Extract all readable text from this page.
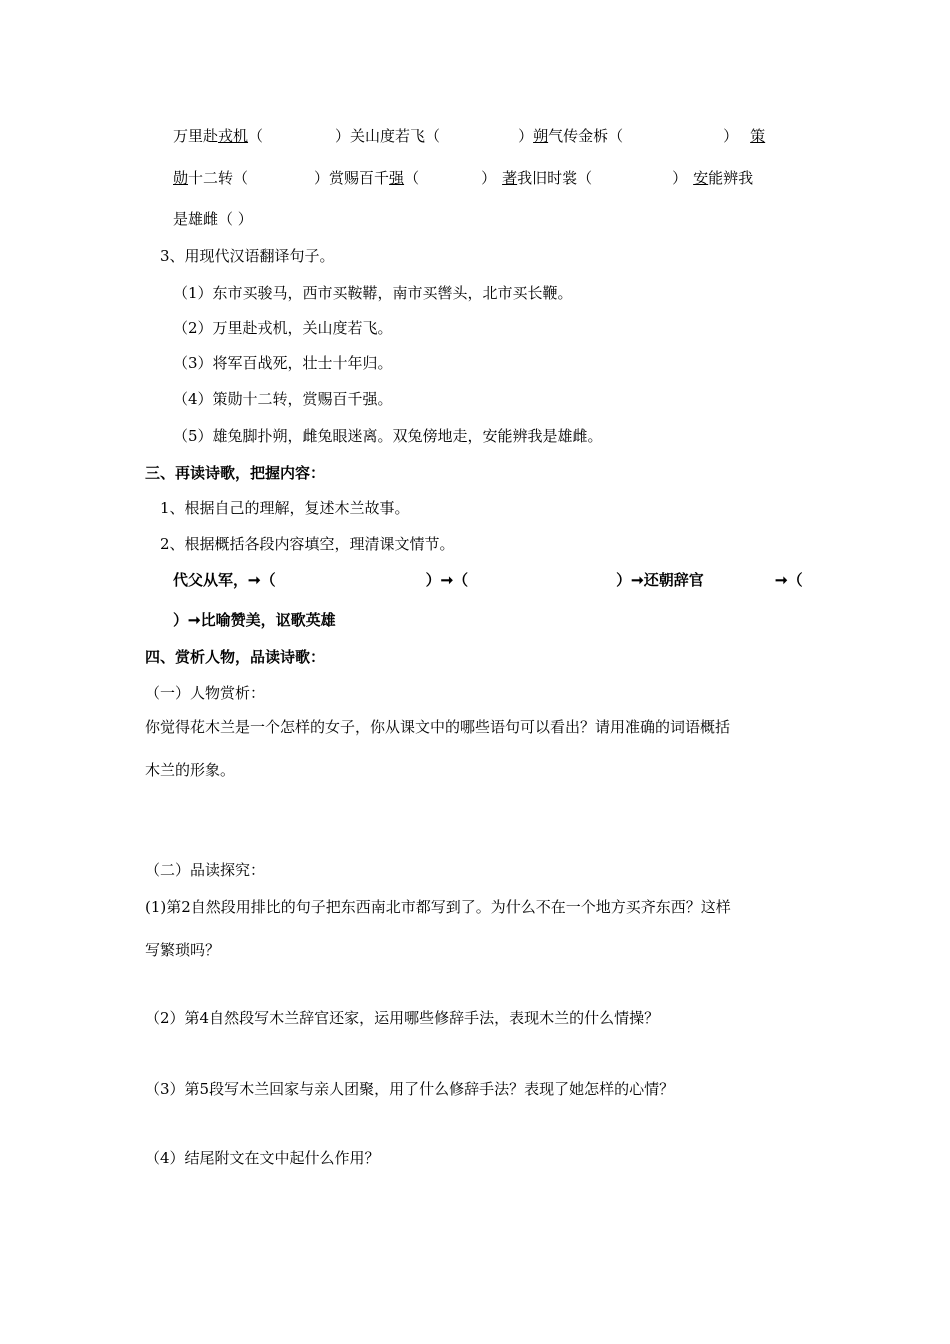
万里赴戎机（	）关山度若飞（	）朔气传金柝（	） 策
勋十二转（	）赏赐百千强（	） 著我旧时裳（	） 安能辨我
是雄雌（ ）
3、用现代汉语翻译句子。
（1）东市买骏马，西市买鞍鞯，南市买辔头，北市买长鞭。
（2）万里赴戎机，关山度若飞。
（3）将军百战死，壮士十年归。
（4）策勋十二转，赏赐百千强。
（5）雄兔脚扑朔，雌兔眼迷离。双兔傍地走，安能辨我是雄雌。
三、再读诗歌，把握内容：
1、根据自己的理解，复述木兰故事。
2、根据概括各段内容填空，理清课文情节。
代父从军，➞（	）➞（	）➞还朝辞官	➞（
）➞比喻赞美，讴歌英雄
四、赏析人物，品读诗歌：
（一）人物赏析：
你觉得花木兰是一个怎样的女子，你从课文中的哪些语句可以看出？请用准确的词语概括
木兰的形象。
（二）品读探究：
(1)第2自然段用排比的句子把东西南北市都写到了。为什么不在一个地方买齐东西？这样
写繁琐吗？
（2）第4自然段写木兰辞官还家，运用哪些修辞手法，表现木兰的什么情操？
（3）第5段写木兰回家与亲人团聚，用了什么修辞手法？表现了她怎样的心情？
（4）结尾附文在文中起什么作用？
